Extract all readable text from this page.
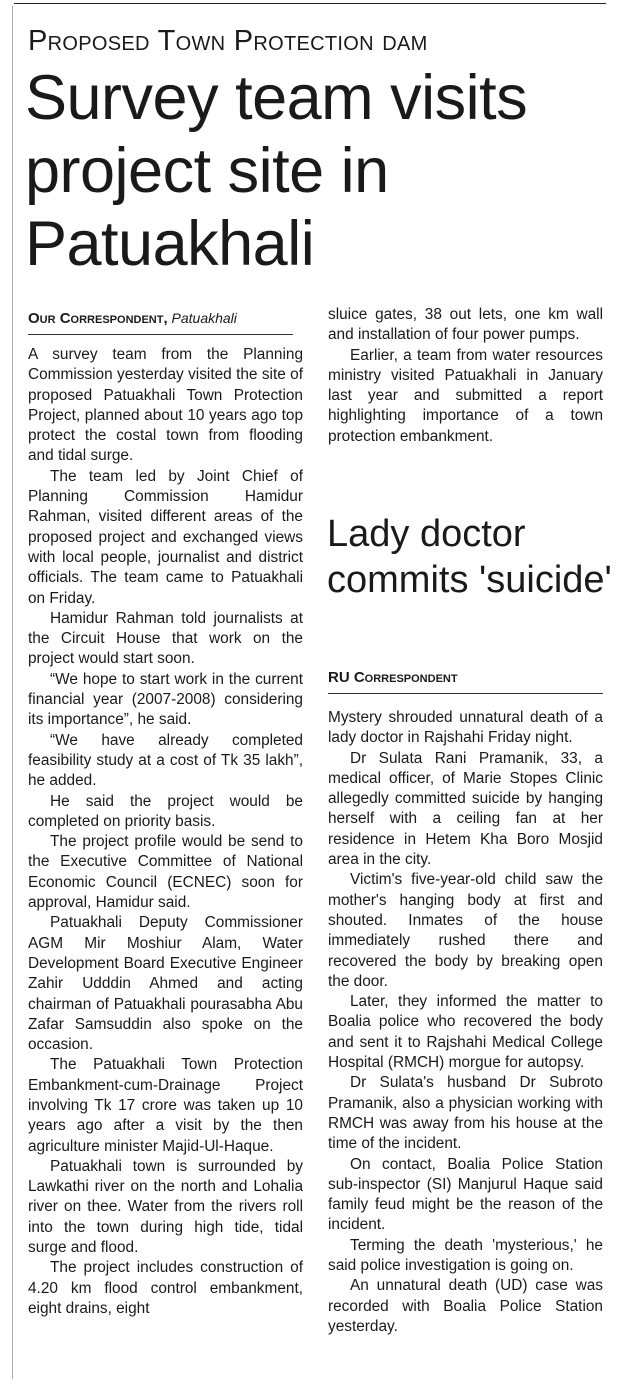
Proposed Town Protection dam
Survey team visits project site in Patuakhali
Our Correspondent, Patuakhali

A survey team from the Planning Commission yesterday visited the site of proposed Patuakhali Town Protection Project, planned about 10 years ago top protect the costal town from flooding and tidal surge.

The team led by Joint Chief of Planning Commission Hamidur Rahman, visited different areas of the proposed project and exchanged views with local people, journalist and district officials. The team came to Patuakhali on Friday.

Hamidur Rahman told journalists at the Circuit House that work on the project would start soon.

“We hope to start work in the current financial year (2007-2008) considering its importance”, he said.

“We have already completed feasibility study at a cost of Tk 35 lakh”, he added.

He said the project would be completed on priority basis.

The project profile would be send to the Executive Committee of National Economic Council (ECNEC) soon for approval, Hamidur said.

Patuakhali Deputy Commissioner AGM Mir Moshiur Alam, Water Development Board Executive Engineer Zahir Udddin Ahmed and acting chairman of Patuakhali pourasabha Abu Zafar Samsuddin also spoke on the occasion.

The Patuakhali Town Protection Embankment-cum-Drainage Project involving Tk 17 crore was taken up 10 years ago after a visit by the then agriculture minister Majid-Ul-Haque.

Patuakhali town is surrounded by Lawkathi river on the north and Lohalia river on thee. Water from the rivers roll into the town during high tide, tidal surge and flood.

The project includes construction of 4.20 km flood control embankment, eight drains, eight

sluice gates, 38 out lets, one km wall and installation of four power pumps.

Earlier, a team from water resources ministry visited Patuakhali in January last year and submitted a report highlighting importance of a town protection embankment.

Lady doctor commits 'suicide'
RU Correspondent

Mystery shrouded unnatural death of a lady doctor in Rajshahi Friday night.

Dr Sulata Rani Pramanik, 33, a medical officer, of Marie Stopes Clinic allegedly committed suicide by hanging herself with a ceiling fan at her residence in Hetem Kha Boro Mosjid area in the city.

Victim's five-year-old child saw the mother's hanging body at first and shouted. Inmates of the house immediately rushed there and recovered the body by breaking open the door.

Later, they informed the matter to Boalia police who recovered the body and sent it to Rajshahi Medical College Hospital (RMCH) morgue for autopsy.

Dr Sulata's husband Dr Subroto Pramanik, also a physician working with RMCH was away from his house at the time of the incident.

On contact, Boalia Police Station sub-inspector (SI) Manjurul Haque said family feud might be the reason of the incident.

Terming the death 'mysterious,' he said police investigation is going on.

An unnatural death (UD) case was recorded with Boalia Police Station yesterday.
